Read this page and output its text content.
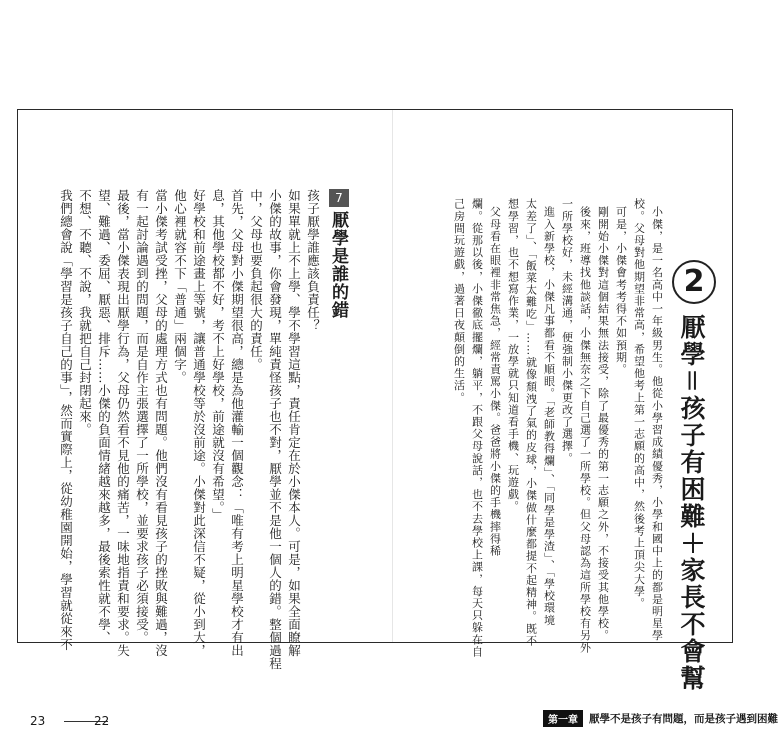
7
厭學是誰的錯
孩子厭學誰應該負責任？
如果單就上不上學、學不學習這點，責任肯定在於小傑本人。可是，如果全面瞭解
小傑的故事，你會發現，單純責怪孩子也不對，厭學並不是他一個人的錯。整個過程
中，父母也要負起很大的責任。
首先，父母對小傑期望很高，總是為他灌輸一個觀念：「唯有考上明星學校才有出
息，其他學校都不好，考不上好學校，前途就沒有希望。」
好學校和前途畫上等號，讓普通學校等於沒前途。小傑對此深信不疑，從小到大，
他心裡就容不下「普通」兩個字。
當小傑考試受挫，父母的處理方式也有問題。他們沒有看見孩子的挫敗與難過，沒
有一起討論遇到的問題，而是自作主張選擇了一所學校，並要求孩子必須接受。
最後，當小傑表現出厭學行為，父母仍然看不見他的痛苦，一味地指責和要求。失
望、難過、委屈、厭惡、排斥……小傑的負面情緒越來越多，最後索性就不學、
不想、不聽、不說，我就把自己封閉起來。
我們總會說「學習是孩子自己的事」，然而實際上，從幼稚園開始，學習就從來不	2
厭學＝孩子有困難＋家長不會幫
小傑，是一名高中一年級男生。他從小學習成績優秀，小學和國中上的都是明星學
校。父母對他期望非常高，希望他考上第一志願的高中，然後考上頂尖大學。
可是，小傑會考考得不如預期。
剛開始小傑對這個結果無法接受，除了最優秀的第一志願之外，不接受其他學校。
後來，班導找他談話，小傑無奈之下自己選了一所學校。但父母認為這所學校有另外
一所學校好，未經溝通，便強制小傑更改了選擇。
進入新學校，小傑凡事都看不順眼。「老師教得爛」、「同學是學渣」、「學校環境
太差了」、「飯菜太難吃」……就像頹洩了氣的皮球，小傑做什麼都提不起精神。既不
想學習，也不想寫作業，一放學就只知道看手機、玩遊戲。
父母看在眼裡非常焦急，經常責罵小傑。爸爸將小傑的手機摔得稀
爛。從那以後，小傑徹底擺爛，躺平，不跟父母說話，也不去學校上課，每天只躲在自
己房間玩遊戲，過著日夜顛倒的生活。
23	22	第一章	厭學不是孩子有問題，而是孩子遇到困難
